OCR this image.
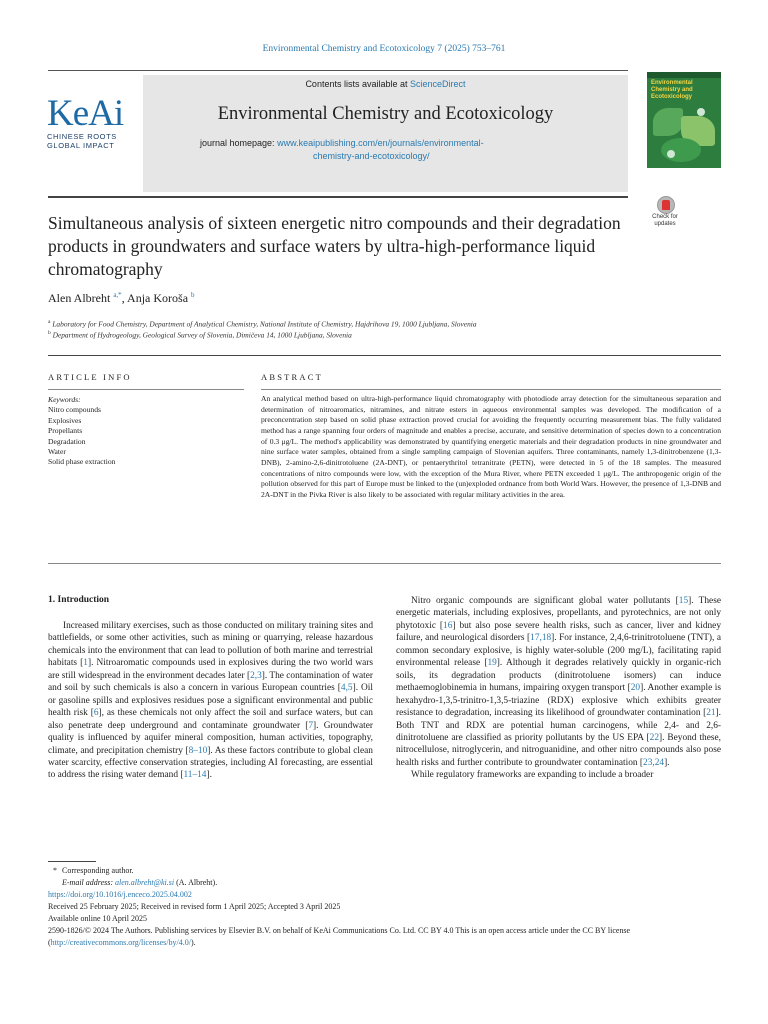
Environmental Chemistry and Ecotoxicology 7 (2025) 753–761
Contents lists available at ScienceDirect
Environmental Chemistry and Ecotoxicology
journal homepage: www.keaipublishing.com/en/journals/environmental-
chemistry-and-ecotoxicology/
KeAi
CHINESE ROOTS
GLOBAL IMPACT
Environmental Chemistry and Ecotoxicology
Check for
updates
Simultaneous analysis of sixteen energetic nitro compounds and their degradation products in groundwaters and surface waters by ultra-high-performance liquid chromatography
Alen Albreht $^{a,*}$, Anja Koroša $^b$
$^a$ Laboratory for Food Chemistry, Department of Analytical Chemistry, National Institute of Chemistry, Hajdrihova 19, 1000 Ljubljana, Slovenia
$^b$ Department of Hydrogeology, Geological Survey of Slovenia, Dimičeva 14, 1000 Ljubljana, Slovenia
ARTICLE INFO
Keywords:
Nitro compounds
Explosives
Propellants
Degradation
Water
Solid phase extraction
ABSTRACT
An analytical method based on ultra-high-performance liquid chromatography with photodiode array detection for the simultaneous separation and determination of nitroaromatics, nitramines, and nitrate esters in aqueous environmental samples was developed. The modification of a preconcentration step based on solid phase extraction proved crucial for avoiding the frequently occurring measurement bias. The fully validated method has a range spanning four orders of magnitude and enables a precise, accurate, and sensitive determination of species down to a concentration of 0.3 μg/L. The method's applicability was demonstrated by quantifying energetic materials and their degradation products in nine groundwater and nine surface water samples, obtained from a single sampling campaign of Slovenian aquifers. Three contaminants, namely 1,3-dinitrobenzene (1,3-DNB), 2-amino-2,6-dinitrotoluene (2A-DNT), or pentaerythritol tetranitrate (PETN), were detected in 5 of the 18 samples. The measured concentrations of nitro compounds were low, with the exception of the Mura River, where PETN exceeded 1 μg/L. The anthropogenic origin of the pollution observed for this part of Europe must be linked to the (un)exploded ordnance from both World Wars. However, the presence of 1,3-DNB and 2A-DNT in the Pivka River is also likely to be associated with regular military activities in the area.
1. Introduction

Increased military exercises, such as those conducted on military training sites and battlefields, or some other activities, such as mining or quarrying, release hazardous chemicals into the environment that can lead to pollution of both marine and terrestrial habitats [1]. Nitroaromatic compounds used in explosives during the two world wars are still widespread in the environment decades later [2,3]. The contamination of water and soil by such chemicals is also a concern in various European countries [4,5]. Oil or gasoline spills and explosives residues pose a significant environmental and public health risk [6], as these chemicals not only affect the soil and surface waters, but can also penetrate deep underground and contaminate groundwater [7]. Groundwater quality is influenced by aquifer mineral composition, human activities, topography, climate, and precipitation chemistry [8–10]. As these factors contribute to global clean water scarcity, effective conservation strategies, including AI forecasting, are essential to address the rising water demand [11–14].

Nitro organic compounds are significant global water pollutants [15]. These energetic materials, including explosives, propellants, and pyrotechnics, are not only phytotoxic [16] but also pose severe health risks, such as cancer, liver and kidney failure, and neurological disorders [17,18]. For instance, 2,4,6-trinitrotoluene (TNT), a common secondary explosive, is highly water-soluble (200 mg/L), facilitating rapid environmental release [19]. Although it degrades relatively quickly in organic-rich soils, its degradation products (dinitrotoluene isomers) can induce methaemoglobinemia in humans, impairing oxygen transport [20]. Another example is hexahydro-1,3,5-trinitro-1,3,5-triazine (RDX) explosive which exhibits greater resistance to degradation, increasing its likelihood of groundwater contamination [21]. Both TNT and RDX are potential human carcinogens, while 2,4- and 2,6-dinitrotoluene are classified as priority pollutants by the US EPA [22]. Beyond these, nitrocellulose, nitroglycerin, and nitroguanidine, and other nitro compounds also pose health risks and further contribute to groundwater contamination [23,24].

While regulatory frameworks are expanding to include a broader

* Corresponding author.
E-mail address: alen.albreht@ki.si (A. Albreht).
https://doi.org/10.1016/j.enceco.2025.04.002
Received 25 February 2025; Received in revised form 1 April 2025; Accepted 3 April 2025
Available online 10 April 2025
2590-1826/© 2024 The Authors. Publishing services by Elsevier B.V. on behalf of KeAi Communications Co. Ltd. CC BY 4.0 This is an open access article under the CC BY license (http://creativecommons.org/licenses/by/4.0/).
